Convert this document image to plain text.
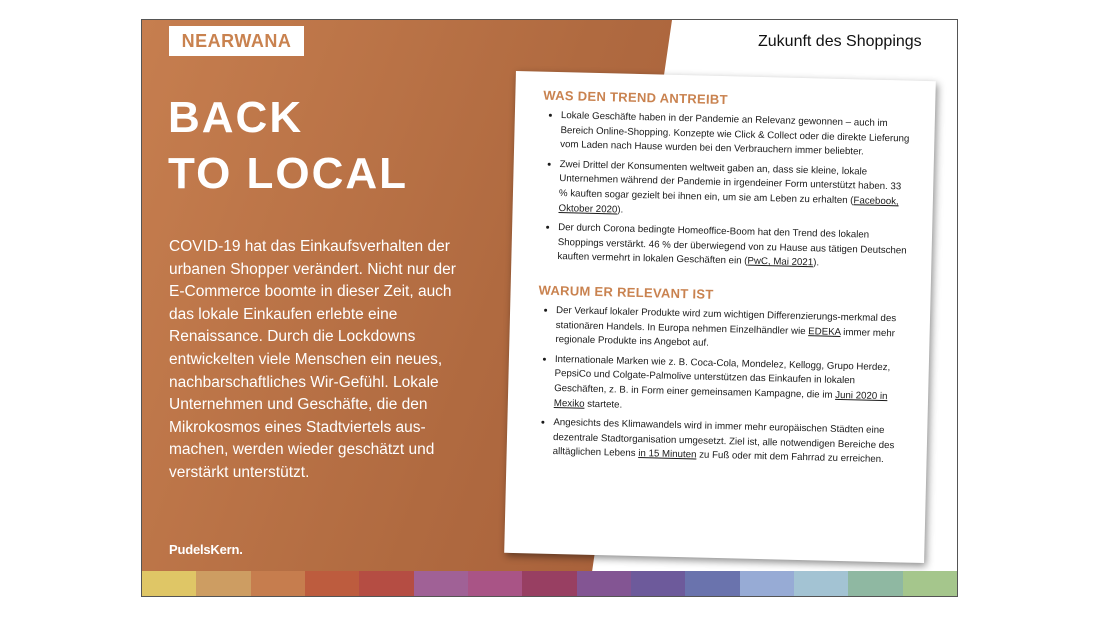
NEARWANA	Zukunft des Shoppings
BACK
TO LOCAL

COVID-19 hat das Einkaufsverhalten der urbanen Shopper verändert. Nicht nur der E-Commerce boomte in dieser Zeit, auch das lokale Einkaufen erlebte eine Renaissance. Durch die Lockdowns entwickelten viele Menschen ein neues, nachbarschaftliches Wir-Gefühl. Lokale Unternehmen und Geschäfte, die den Mikrokosmos eines Stadtviertels aus-machen, werden wieder geschätzt und verstärkt unterstützt.

PudelsKern.
WAS DEN TREND ANTREIBT
• Lokale Geschäfte haben in der Pandemie an Relevanz gewonnen – auch im Bereich Online-Shopping. Konzepte wie Click & Collect oder die direkte Lieferung vom Laden nach Hause wurden bei den Verbrauchern immer beliebter.
• Zwei Drittel der Konsumenten weltweit gaben an, dass sie kleine, lokale Unternehmen während der Pandemie in irgendeiner Form unterstützt haben. 33 % kauften sogar gezielt bei ihnen ein, um sie am Leben zu erhalten (Facebook, Oktober 2020).
• Der durch Corona bedingte Homeoffice-Boom hat den Trend des lokalen Shoppings verstärkt. 46 % der überwiegend von zu Hause aus tätigen Deutschen kauften vermehrt in lokalen Geschäften ein (PwC, Mai 2021).
WARUM ER RELEVANT IST
• Der Verkauf lokaler Produkte wird zum wichtigen Differenzierungs-merkmal des stationären Handels. In Europa nehmen Einzelhändler wie EDEKA immer mehr regionale Produkte ins Angebot auf.
• Internationale Marken wie z. B. Coca-Cola, Mondelez, Kellogg, Grupo Herdez, PepsiCo und Colgate-Palmolive unterstützen das Einkaufen in lokalen Geschäften, z. B. in Form einer gemeinsamen Kampagne, die im Juni 2020 in Mexiko startete.
• Angesichts des Klimawandels wird in immer mehr europäischen Städten eine dezentrale Stadtorganisation umgesetzt. Ziel ist, alle notwendigen Bereiche des alltäglichen Lebens in 15 Minuten zu Fuß oder mit dem Fahrrad zu erreichen.
